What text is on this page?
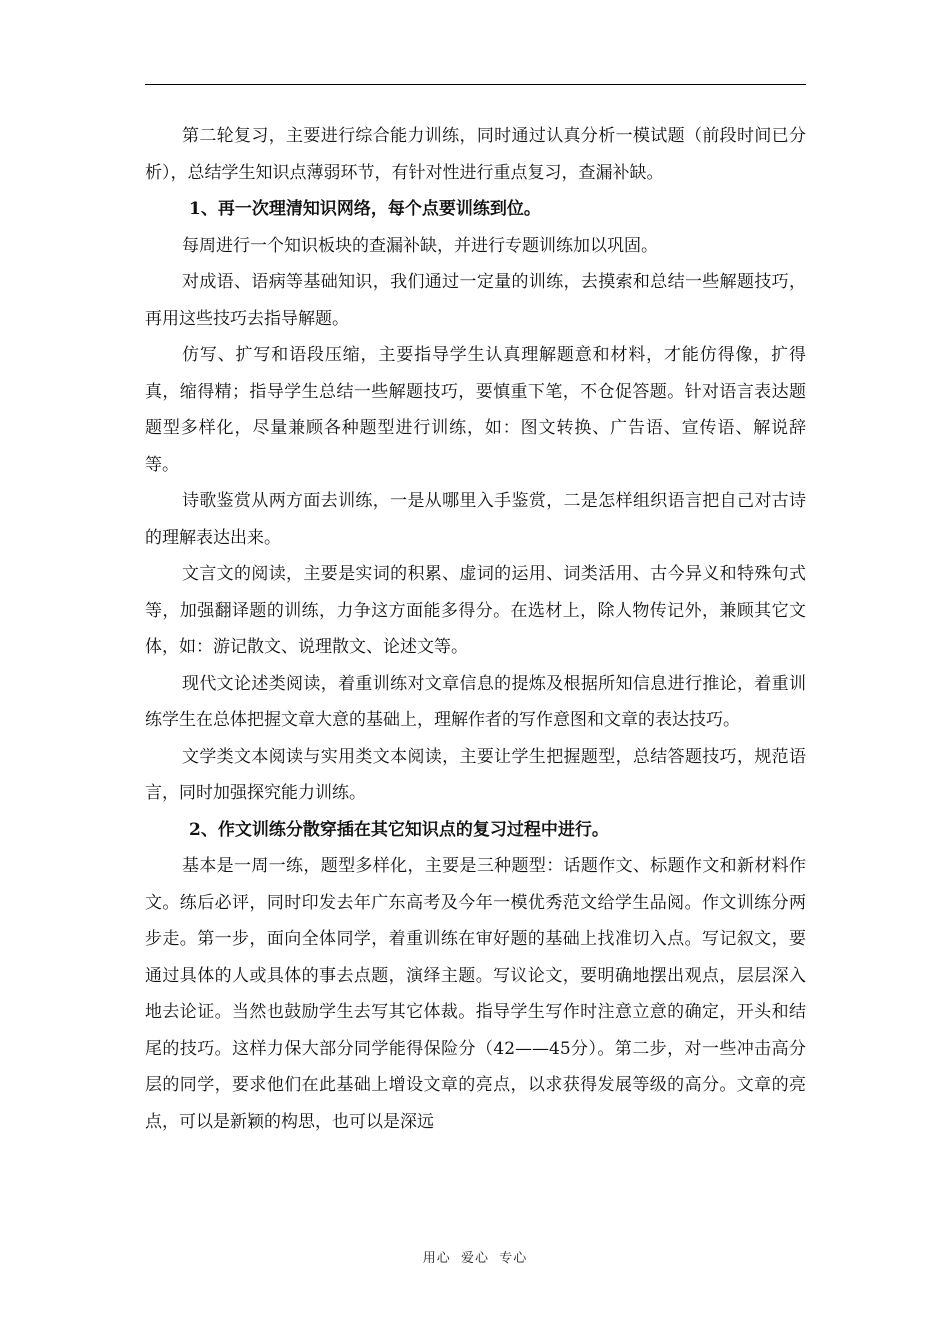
第二轮复习，主要进行综合能力训练，同时通过认真分析一模试题（前段时间已分析），总结学生知识点薄弱环节，有针对性进行重点复习，查漏补缺。

1、再一次理清知识网络，每个点要训练到位。

每周进行一个知识板块的查漏补缺，并进行专题训练加以巩固。

对成语、语病等基础知识，我们通过一定量的训练，去摸索和总结一些解题技巧，再用这些技巧去指导解题。

仿写、扩写和语段压缩，主要指导学生认真理解题意和材料，才能仿得像，扩得真，缩得精；指导学生总结一些解题技巧，要慎重下笔，不仓促答题。针对语言表达题题型多样化，尽量兼顾各种题型进行训练，如：图文转换、广告语、宣传语、解说辞等。

诗歌鉴赏从两方面去训练，一是从哪里入手鉴赏，二是怎样组织语言把自己对古诗的理解表达出来。

文言文的阅读，主要是实词的积累、虚词的运用、词类活用、古今异义和特殊句式等，加强翻译题的训练，力争这方面能多得分。在选材上，除人物传记外，兼顾其它文体，如：游记散文、说理散文、论述文等。

现代文论述类阅读，着重训练对文章信息的提炼及根据所知信息进行推论，着重训练学生在总体把握文章大意的基础上，理解作者的写作意图和文章的表达技巧。

文学类文本阅读与实用类文本阅读，主要让学生把握题型，总结答题技巧，规范语言，同时加强探究能力训练。

2、作文训练分散穿插在其它知识点的复习过程中进行。

基本是一周一练，题型多样化，主要是三种题型：话题作文、标题作文和新材料作文。练后必评，同时印发去年广东高考及今年一模优秀范文给学生品阅。作文训练分两步走。第一步，面向全体同学，着重训练在审好题的基础上找准切入点。写记叙文，要通过具体的人或具体的事去点题，演绎主题。写议论文，要明确地摆出观点，层层深入地去论证。当然也鼓励学生去写其它体裁。指导学生写作时注意立意的确定，开头和结尾的技巧。这样力保大部分同学能得保险分（42——45分）。第二步，对一些冲击高分层的同学，要求他们在此基础上增设文章的亮点，以求获得发展等级的高分。文章的亮点，可以是新颖的构思，也可以是深远

用心  爱心  专心
